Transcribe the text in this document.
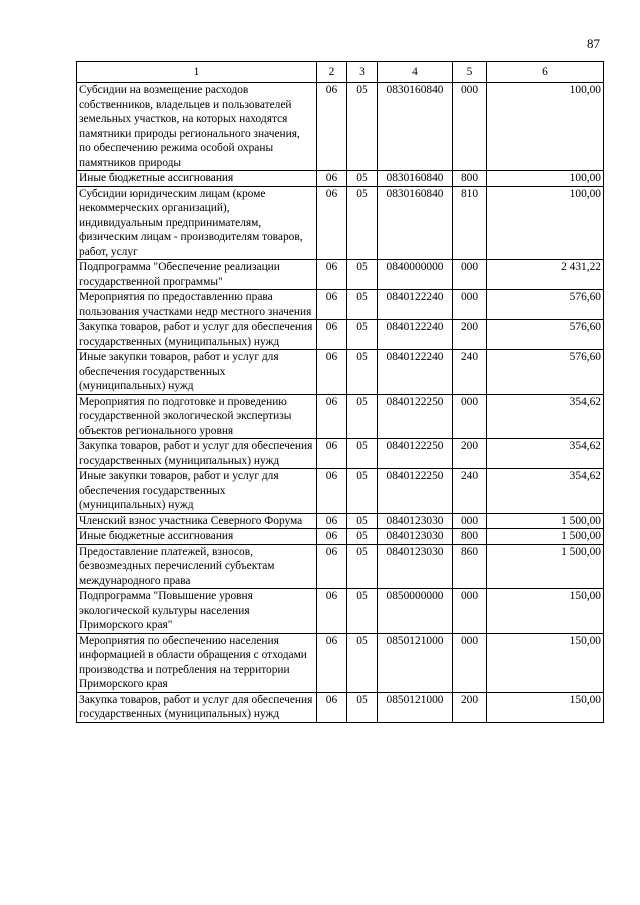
87
1	2	3	4	5	6
Субсидии на возмещение расходов собственников, владельцев и пользователей земельных участков, на которых находятся памятники природы регионального значения, по обеспечению режима особой охраны памятников природы	06	05	0830160840	000	100,00
Иные бюджетные ассигнования	06	05	0830160840	800	100,00
Субсидии юридическим лицам (кроме некоммерческих организаций), индивидуальным предпринимателям, физическим лицам - производителям товаров, работ, услуг	06	05	0830160840	810	100,00
Подпрограмма "Обеспечение реализации государственной программы"	06	05	0840000000	000	2 431,22
Мероприятия по предоставлению права пользования участками недр местного значения	06	05	0840122240	000	576,60
Закупка товаров, работ и услуг для обеспечения государственных (муниципальных) нужд	06	05	0840122240	200	576,60
Иные закупки товаров, работ и услуг для обеспечения государственных (муниципальных) нужд	06	05	0840122240	240	576,60
Мероприятия по подготовке и проведению государственной экологической экспертизы объектов регионального уровня	06	05	0840122250	000	354,62
Закупка товаров, работ и услуг для обеспечения государственных (муниципальных) нужд	06	05	0840122250	200	354,62
Иные закупки товаров, работ и услуг для обеспечения государственных (муниципальных) нужд	06	05	0840122250	240	354,62
Членский взнос участника Северного Форума	06	05	0840123030	000	1 500,00
Иные бюджетные ассигнования	06	05	0840123030	800	1 500,00
Предоставление платежей, взносов, безвозмездных перечислений субъектам международного права	06	05	0840123030	860	1 500,00
Подпрограмма "Повышение уровня экологической культуры населения Приморского края"	06	05	0850000000	000	150,00
Мероприятия по обеспечению населения информацией в области обращения с отходами производства и потребления на территории Приморского края	06	05	0850121000	000	150,00
Закупка товаров, работ и услуг для обеспечения государственных (муниципальных) нужд	06	05	0850121000	200	150,00
